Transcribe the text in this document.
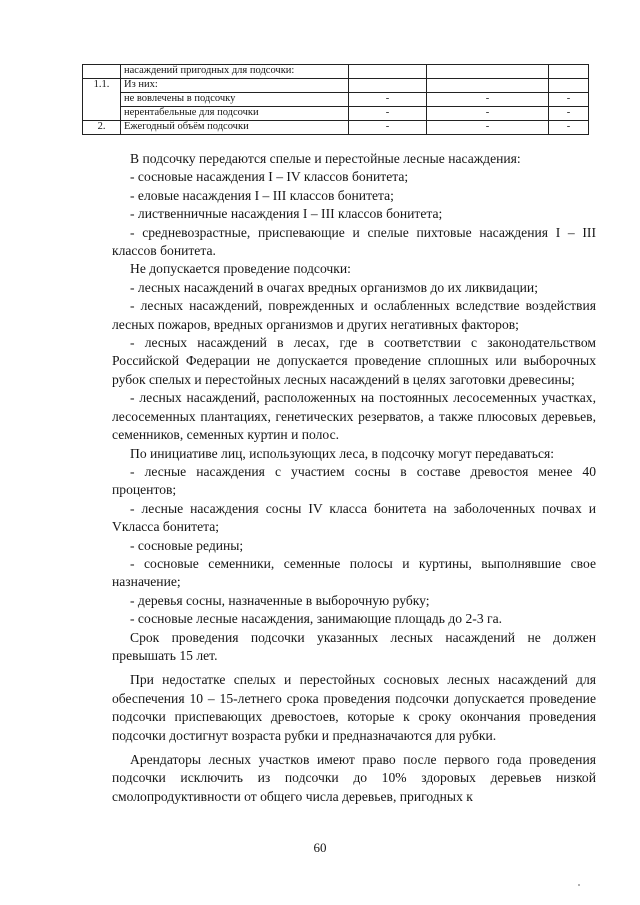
	насаждений пригодных для подсочки:			
1.1.	Из них:			
	не вовлечены в подсочку	-	-	-
	нерентабельные для подсочки	-	-	-
2.	Ежегодный объём подсочки	-	-	-

В подсочку передаются спелые и перестойные лесные насаждения:

- сосновые насаждения I – IV классов бонитета;

- еловые насаждения I – III классов бонитета;

- лиственничные насаждения I – III классов бонитета;

- средневозрастные, приспевающие и спелые пихтовые насаждения I – III классов бонитета.

Не допускается проведение подсочки:

- лесных насаждений в очагах вредных организмов до их ликвидации;

- лесных насаждений, поврежденных и ослабленных вследствие воздействия лесных пожаров, вредных организмов и других негативных факторов;

- лесных насаждений в лесах, где в соответствии с законодательством Российской Федерации не допускается проведение сплошных или выборочных рубок спелых и перестойных лесных насаждений в целях заготовки древесины;

- лесных насаждений, расположенных на постоянных лесосеменных участках, лесосеменных плантациях, генетических резерватов, а также плюсовых деревьев, семенников, семенных куртин и полос.

По инициативе лиц, использующих леса, в подсочку могут передаваться:

- лесные насаждения с участием сосны в составе древостоя менее 40 процентов;

- лесные насаждения сосны IV класса бонитета на заболоченных почвах и Vкласса бонитета;

- сосновые редины;

- сосновые семенники, семенные полосы и куртины, выполнявшие свое назначение;

- деревья сосны, назначенные в выборочную рубку;

- сосновые лесные насаждения, занимающие площадь до 2-3 га.

Срок проведения подсочки указанных лесных насаждений не должен превышать 15 лет.

При недостатке спелых и перестойных сосновых лесных насаждений для обеспечения 10 – 15-летнего срока проведения подсочки допускается проведение подсочки приспевающих древостоев, которые к сроку окончания проведения подсочки достигнут возраста рубки и предназначаются для рубки.

Арендаторы лесных участков имеют право после первого года проведения подсочки исключить из подсочки до 10% здоровых деревьев низкой смолопродуктивности от общего числа деревьев, пригодных к

60
